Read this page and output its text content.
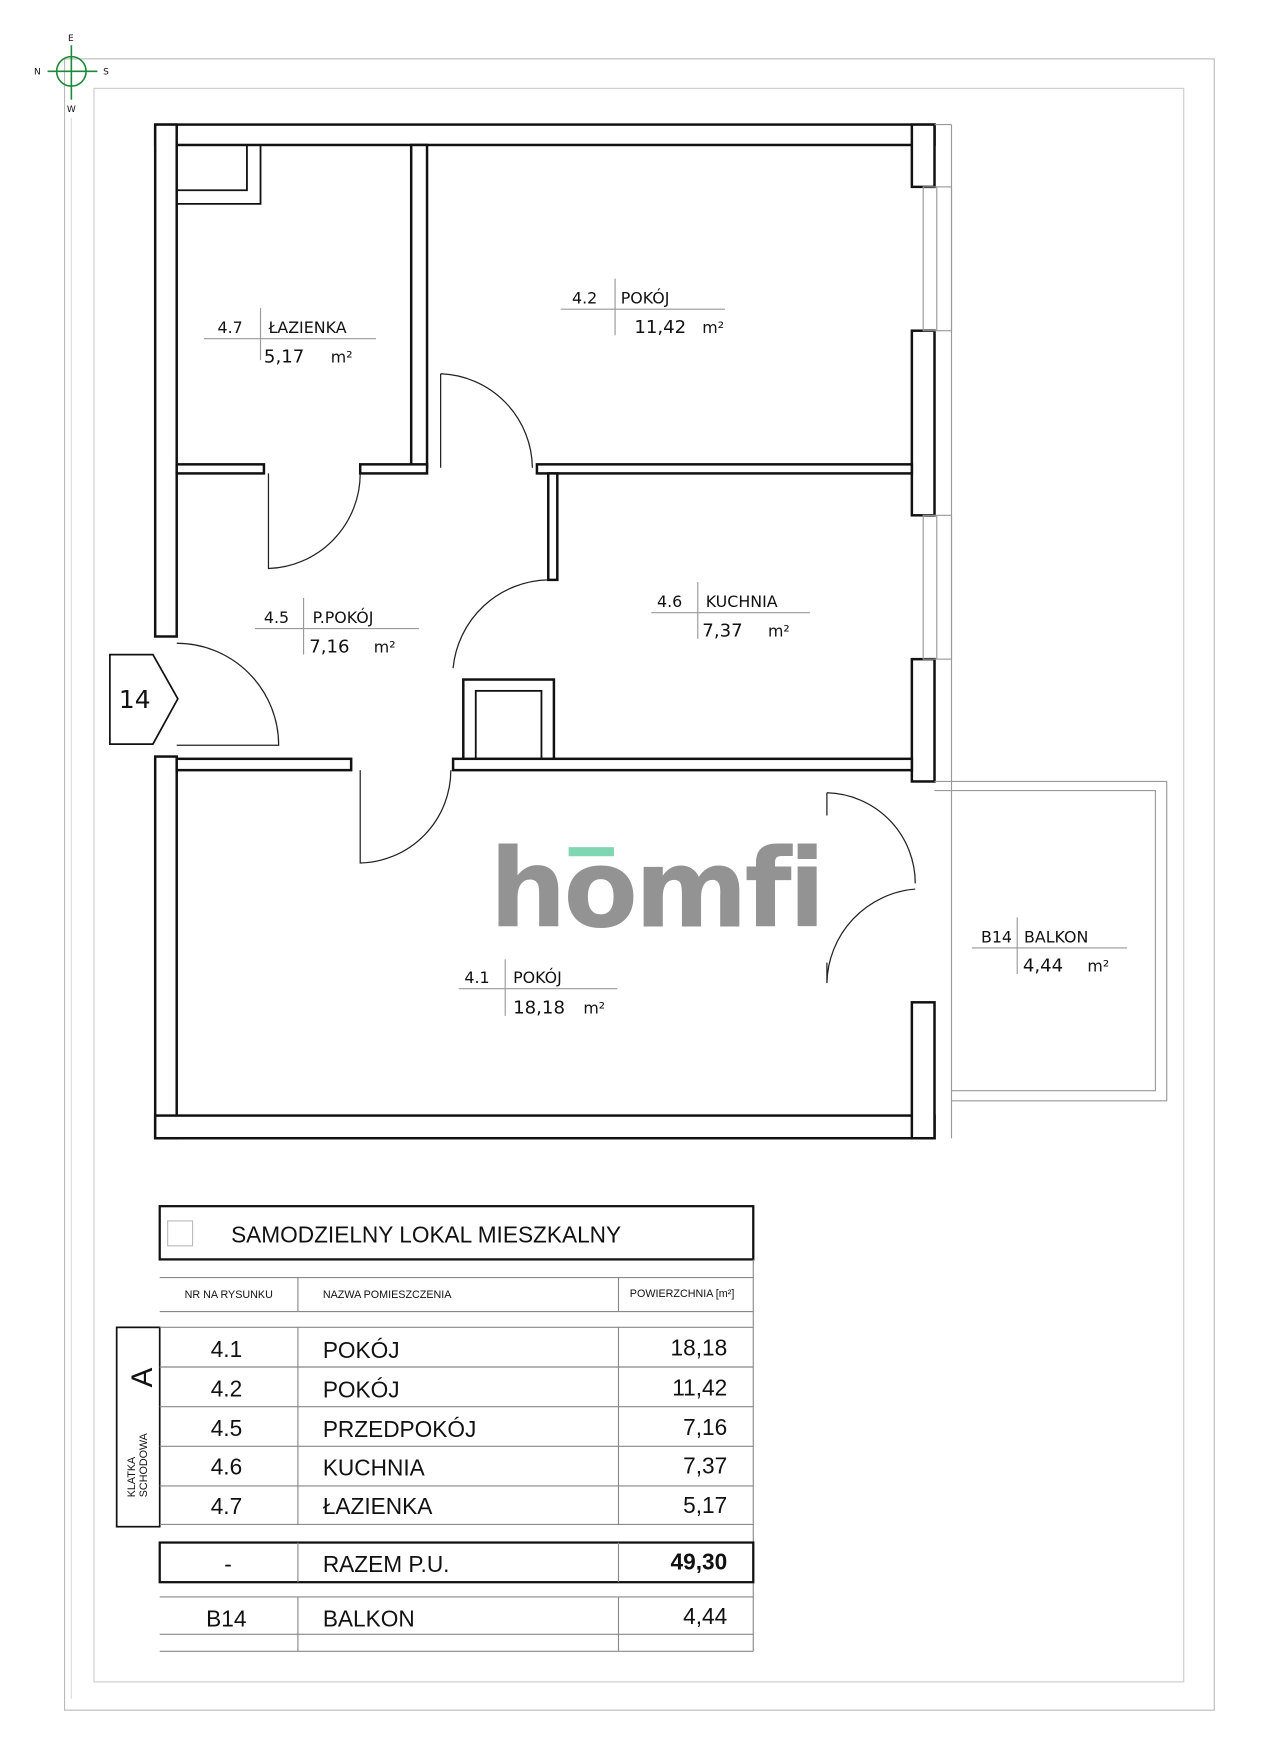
E
N	S
W
14
homfi
4.7 ŁAZIENKA
5,17 m²
4.2 POKÓJ
11,42 m²
4.5 P.POKÓJ
7,16 m²
4.6 KUCHNIA
7,37 m²
4.1 POKÓJ
18,18 m²
B14 BALKON
4,44 m²
SAMODZIELNY LOKAL MIESZKALNY
NR NA RYSUNKU	NAZWA POMIESZCZENIA	POWIERZCHNIA [m²]
KLATKA SCHODOWA
A
4.1	POKÓJ	18,18
4.2	POKÓJ	11,42
4.5	PRZEDPOKÓJ	7,16
4.6	KUCHNIA	7,37
4.7	ŁAZIENKA	5,17
-	RAZEM P.U.	49,30
B14	BALKON	4,44
